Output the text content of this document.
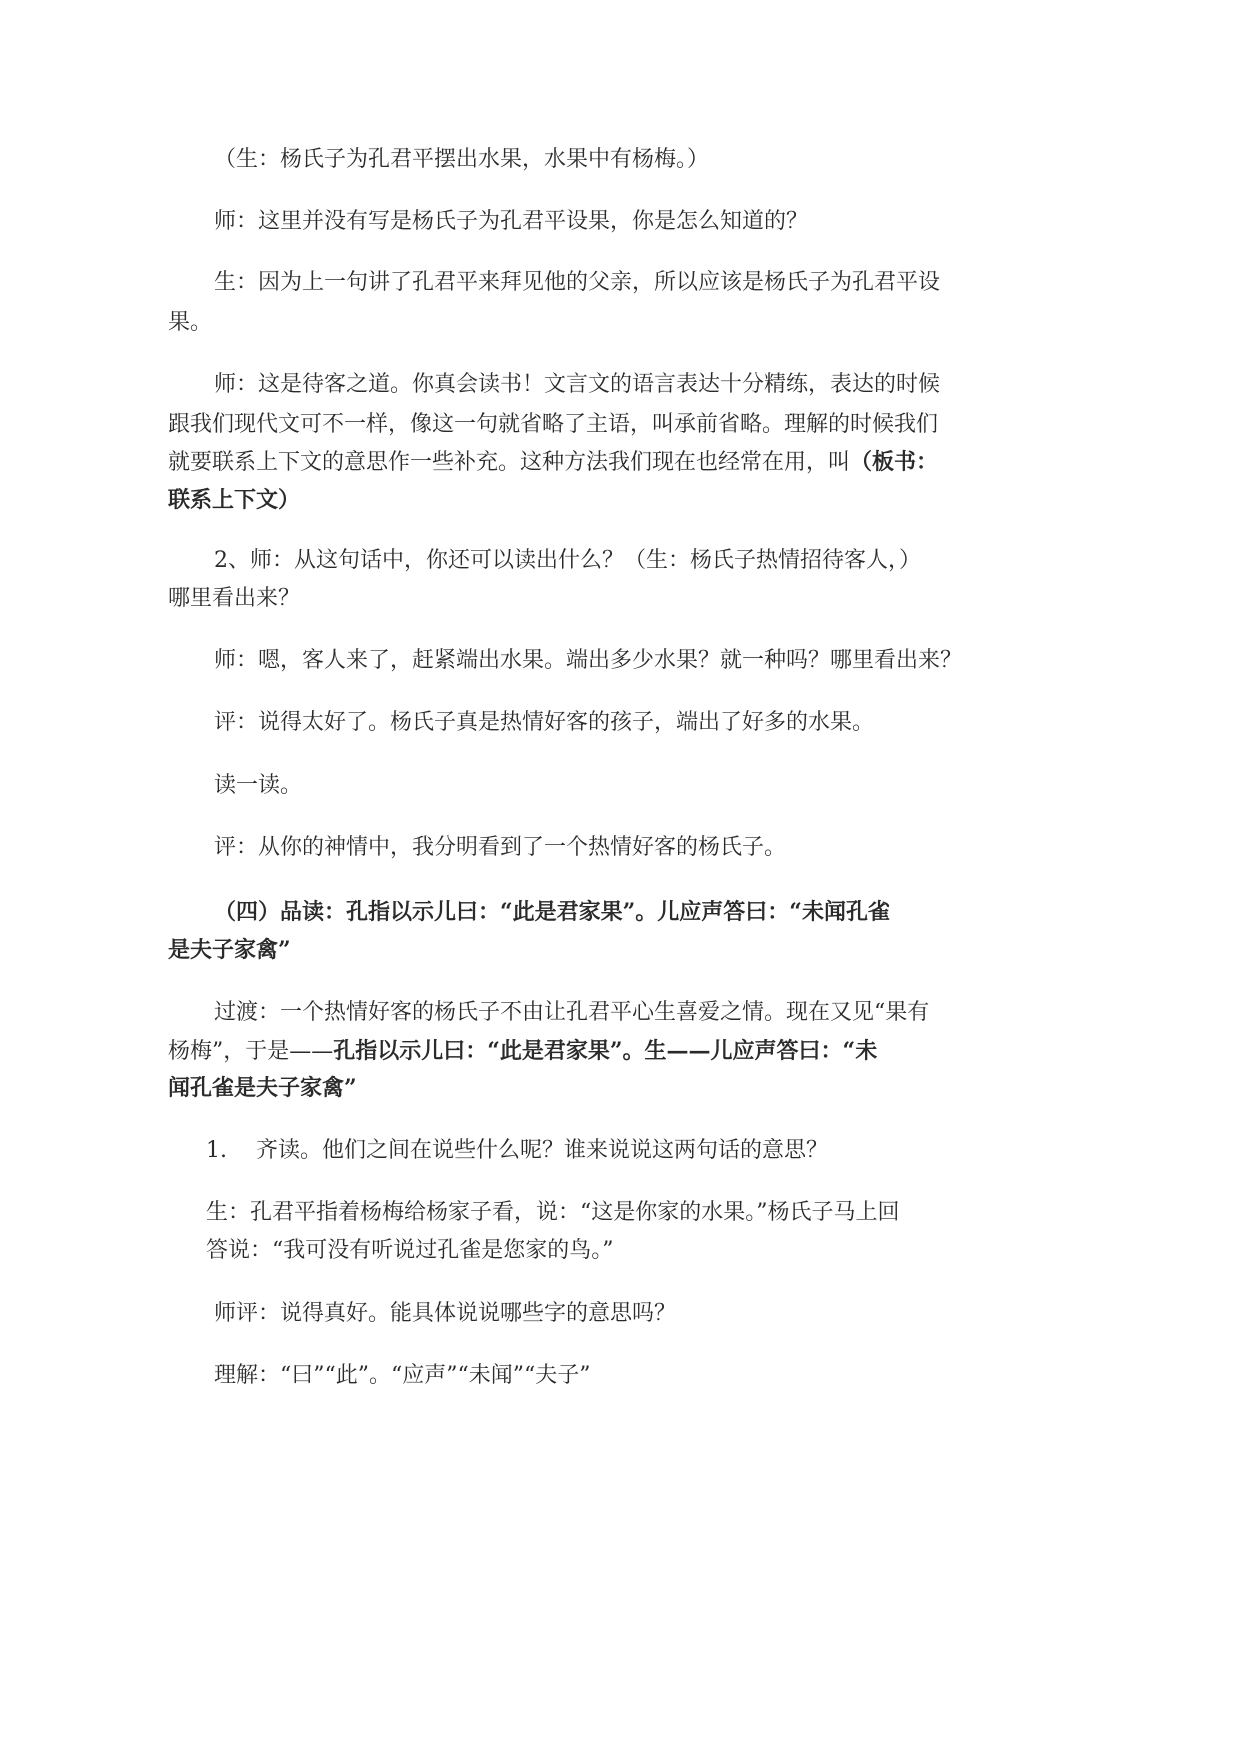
（生：杨氏子为孔君平摆出水果，水果中有杨梅。）
师：这里并没有写是杨氏子为孔君平设果，你是怎么知道的？
生：因为上一句讲了孔君平来拜见他的父亲，所以应该是杨氏子为孔君平设
果。
师：这是待客之道。你真会读书！文言文的语言表达十分精练，表达的时候
跟我们现代文可不一样，像这一句就省略了主语，叫承前省略。理解的时候我们
就要联系上下文的意思作一些补充。这种方法我们现在也经常在用，叫（板书：
联系上下文）
2、师：从这句话中，你还可以读出什么？（生：杨氏子热情招待客人，）
哪里看出来？
师：嗯，客人来了，赶紧端出水果。端出多少水果？就一种吗？哪里看出来？
评：说得太好了。杨氏子真是热情好客的孩子，端出了好多的水果。
读一读。
评：从你的神情中，我分明看到了一个热情好客的杨氏子。
（四）品读：孔指以示儿曰：“此是君家果”。儿应声答曰：“未闻孔雀
是夫子家禽”
过渡：一个热情好客的杨氏子不由让孔君平心生喜爱之情。现在又见“果有
杨梅”，于是——孔指以示儿曰：“此是君家果”。生——儿应声答曰：“未
闻孔雀是夫子家禽”
1. 齐读。他们之间在说些什么呢？谁来说说这两句话的意思？
生：孔君平指着杨梅给杨家子看，说：“这是你家的水果。”杨氏子马上回
答说：“我可没有听说过孔雀是您家的鸟。”
师评：说得真好。能具体说说哪些字的意思吗？
理解：“曰”“此”。“应声”“未闻”“夫子”
